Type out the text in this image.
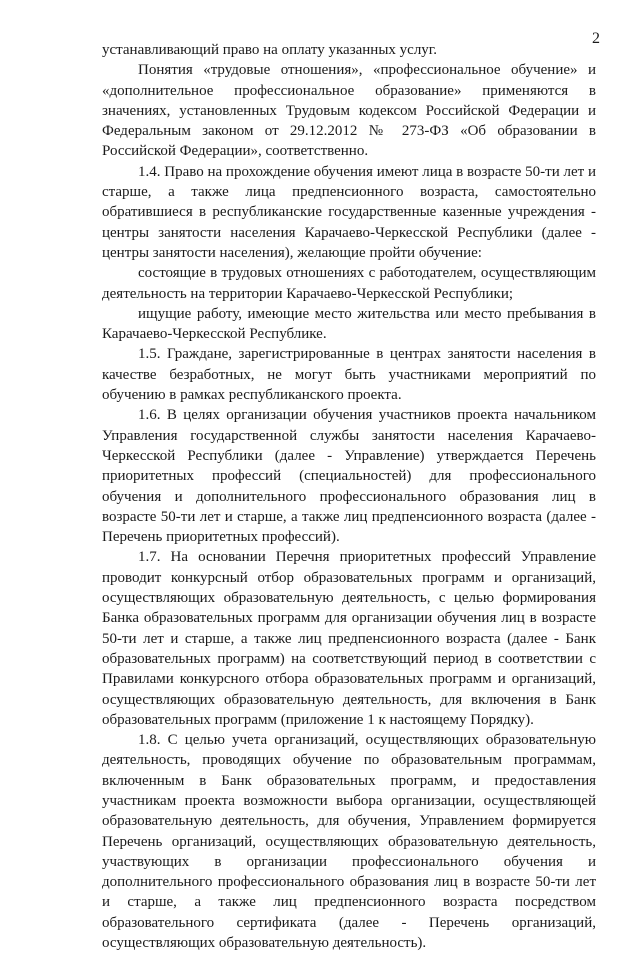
2

устанавливающий право на оплату указанных услуг.

Понятия «трудовые отношения», «профессиональное обучение» и «дополнительное профессиональное образование» применяются в значениях, установленных Трудовым кодексом Российской Федерации и Федеральным законом от 29.12.2012 № 273-ФЗ «Об образовании в Российской Федерации», соответственно.

1.4. Право на прохождение обучения имеют лица в возрасте 50-ти лет и старше, а также лица предпенсионного возраста, самостоятельно обратившиеся в республиканские государственные казенные учреждения - центры занятости населения Карачаево-Черкесской Республики (далее - центры занятости населения), желающие пройти обучение:

состоящие в трудовых отношениях с работодателем, осуществляющим деятельность на территории Карачаево-Черкесской Республики;

ищущие работу, имеющие место жительства или место пребывания в Карачаево-Черкесской Республике.

1.5. Граждане, зарегистрированные в центрах занятости населения в качестве безработных, не могут быть участниками мероприятий по обучению в рамках республиканского проекта.

1.6. В целях организации обучения участников проекта начальником Управления государственной службы занятости населения Карачаево-Черкесской Республики (далее - Управление) утверждается Перечень приоритетных профессий (специальностей) для профессионального обучения и дополнительного профессионального образования лиц в возрасте 50-ти лет и старше, а также лиц предпенсионного возраста (далее - Перечень приоритетных профессий).

1.7. На основании Перечня приоритетных профессий Управление проводит конкурсный отбор образовательных программ и организаций, осуществляющих образовательную деятельность, с целью формирования Банка образовательных программ для организации обучения лиц в возрасте 50-ти лет и старше, а также лиц предпенсионного возраста (далее - Банк образовательных программ) на соответствующий период в соответствии с Правилами конкурсного отбора образовательных программ и организаций, осуществляющих образовательную деятельность, для включения в Банк образовательных программ (приложение 1 к настоящему Порядку).

1.8. С целью учета организаций, осуществляющих образовательную деятельность, проводящих обучение по образовательным программам, включенным в Банк образовательных программ, и предоставления участникам проекта возможности выбора организации, осуществляющей образовательную деятельность, для обучения, Управлением формируется Перечень организаций, осуществляющих образовательную деятельность, участвующих в организации профессионального обучения и дополнительного профессионального образования лиц в возрасте 50-ти лет и старше, а также лиц предпенсионного возраста посредством образовательного сертификата (далее - Перечень организаций, осуществляющих образовательную деятельность).
